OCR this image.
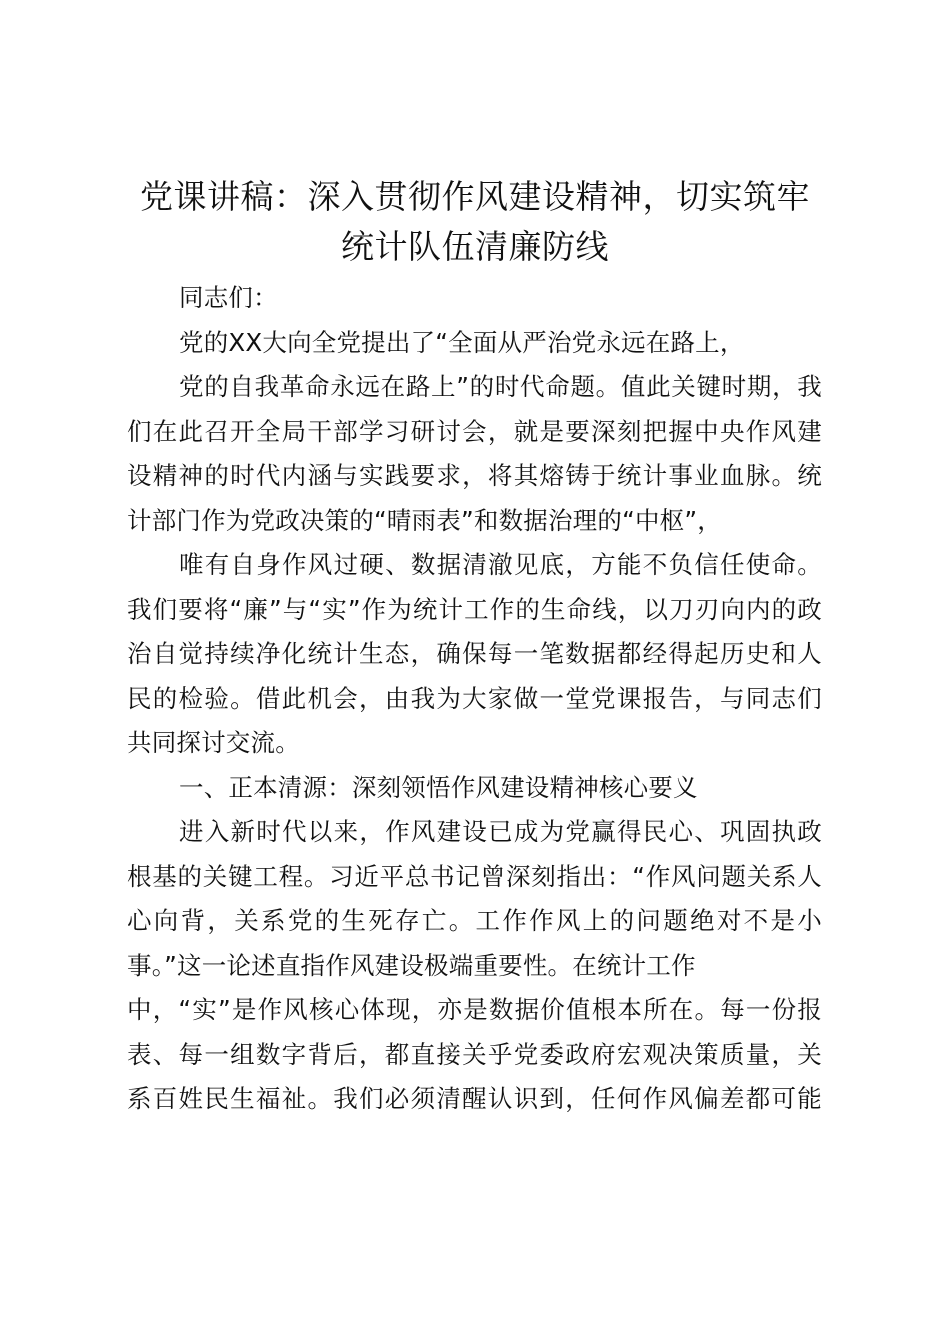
党课讲稿：深入贯彻作风建设精神，切实筑牢
统计队伍清廉防线
同志们：
党的XX大向全党提出了“全面从严治党永远在路上，
党的自我革命永远在路上”的时代命题。值此关键时期，我
们在此召开全局干部学习研讨会，就是要深刻把握中央作风建
设精神的时代内涵与实践要求，将其熔铸于统计事业血脉。统
计部门作为党政决策的“晴雨表”和数据治理的“中枢”，
唯有自身作风过硬、数据清澈见底，方能不负信任使命。
我们要将“廉”与“实”作为统计工作的生命线，以刀刃向内的政
治自觉持续净化统计生态，确保每一笔数据都经得起历史和人
民的检验。借此机会，由我为大家做一堂党课报告，与同志们
共同探讨交流。
一、正本清源：深刻领悟作风建设精神核心要义
进入新时代以来，作风建设已成为党赢得民心、巩固执政
根基的关键工程。习近平总书记曾深刻指出：“作风问题关系人
心向背，关系党的生死存亡。工作作风上的问题绝对不是小
事。”这一论述直指作风建设极端重要性。在统计工作
中，“实”是作风核心体现，亦是数据价值根本所在。每一份报
表、每一组数字背后，都直接关乎党委政府宏观决策质量，关
系百姓民生福祉。我们必须清醒认识到，任何作风偏差都可能
